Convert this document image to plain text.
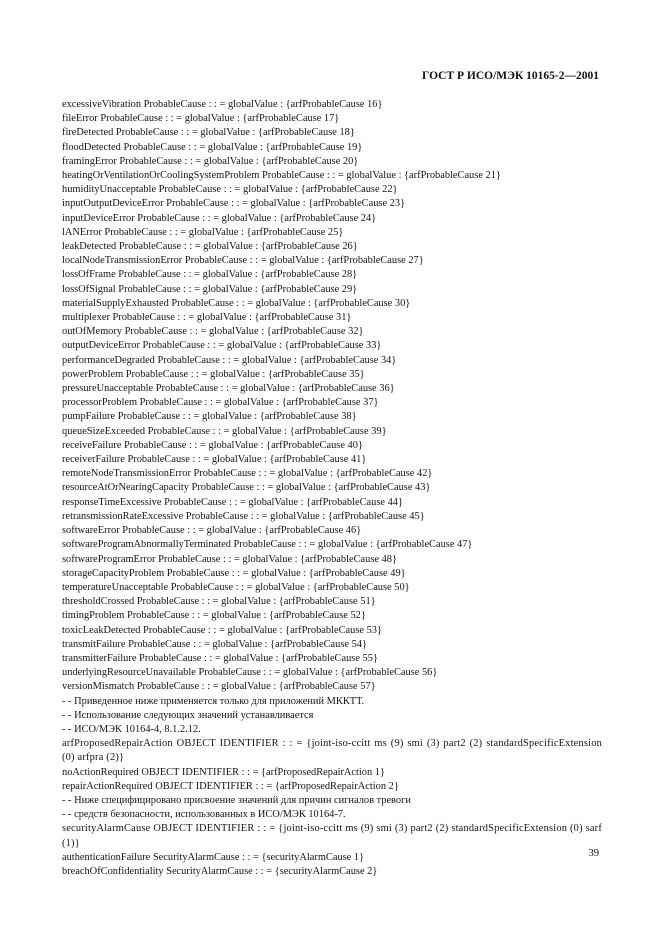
ГОСТ Р ИСО/МЭК 10165-2—2001
excessiveVibration ProbableCause : : = globalValue : {arfProbableCause 16}
fileError ProbableCause : : = globalValue : {arfProbableCause 17}
fireDetected ProbableCause : : = globalValue : {arfProbableCause 18}
floodDetected ProbableCause : : = globalValue : {arfProbableCause 19}
framingError ProbableCause : : = globalValue : {arfProbableCause 20}
heatingOrVentilationOrCoolingSystemProblem ProbableCause : : = globalValue : {arfProbableCause 21}
humidityUnacceptable ProbableCause : : = globalValue : {arfProbableCause 22}
inputOutputDeviceError ProbableCause : : = globalValue : {arfProbableCause 23}
inputDeviceError ProbableCause : : = globalValue : {arfProbableCause 24}
lANError ProbableCause : : = globalValue : {arfProbableCause 25}
leakDetected ProbableCause : : = globalValue : {arfProbableCause 26}
localNodeTransmissionError ProbableCause : : = globalValue : {arfProbableCause 27}
lossOfFrame ProbableCause : : = globalValue : {arfProbableCause 28}
lossOfSignal ProbableCause : : = globalValue : {arfProbableCause 29}
materialSupplyExhausted ProbableCause : : = globalValue : {arfProbableCause 30}
multiplexer ProbableCause : : = globalValue : {arfProbableCause 31}
outOfMemory ProbableCause : : = globalValue : {arfProbableCause 32}
outputDeviceError ProbableCause : : = globalValue : {arfProbableCause 33}
performanceDegraded ProbableCause : : = globalValue : {arfProbableCause 34}
powerProblem ProbableCause : : = globalValue : {arfProbableCause 35}
pressureUnacceptable ProbableCause : : = globalValue : {arfProbableCause 36}
processorProblem ProbableCause : : = globalValue : {arfProbableCause 37}
pumpFailure ProbableCause : : = globalValue : {arfProbableCause 38}
queueSizeExceeded ProbableCause : : = globalValue : {arfProbableCause 39}
receiveFailure ProbableCause : : = globalValue : {arfProbableCause 40}
receiverFailure ProbableCause : : = globalValue : {arfProbableCause 41}
remoteNodeTransmissionError ProbableCause : : = globalValue : {arfProbableCause 42}
resourceAtOrNearingCapacity ProbableCause : : = globalValue : {arfProbableCause 43}
responseTimeExcessive ProbableCause : : = globalValue : {arfProbableCause 44}
retransmissionRateExcessive ProbableCause : : = globalValue : {arfProbableCause 45}
softwareError ProbableCause : : = globalValue : {arfProbableCause 46}
softwareProgramAbnormallyTerminated ProbableCause : : = globalValue : {arfProbableCause 47}
softwareProgramError ProbableCause : : = globalValue : {arfProbableCause 48}
storageCapacityProblem ProbableCause : : = globalValue : {arfProbableCause 49}
temperatureUnacceptable ProbableCause : : = globalValue : {arfProbableCause 50}
thresholdCrossed ProbableCause : : = globalValue : {arfProbableCause 51}
timingProblem ProbableCause : : = globalValue : {arfProbableCause 52}
toxicLeakDetected ProbableCause : : = globalValue : {arfProbableCause 53}
transmitFailure ProbableCause : : = globalValue : {arfProbableCause 54}
transmitterFailure ProbableCause : : = globalValue : {arfProbableCause 55}
underlyingResourceUnavailable ProbableCause : : = globalValue : {arfProbableCause 56}
versionMismatch ProbableCause : : = globalValue : {arfProbableCause 57}
- - Приведенное ниже применяется только для приложений МККТТ.
- - Использование следующих значений устанавливается
- - ИСО/МЭК 10164-4, 8.1.2.12.
arfProposedRepairAction OBJECT IDENTIFIER : : = {joint-iso-ccitt ms (9) smi (3) part2 (2) standardSpecificExtension (0) arfpra (2)}
noActionRequired OBJECT IDENTIFIER : : = {arfProposedRepairAction 1}
repairActionRequired OBJECT IDENTIFIER : : = {arfProposedRepairAction 2}
- - Ниже специфицировано присвоение значений для причин сигналов тревоги
- - средств безопасности, использованных в ИСО/МЭК 10164-7.
securityAlarmCause OBJECT IDENTIFIER : : = {joint-iso-ccitt ms (9) smi (3) part2 (2) standardSpecificExtension (0) sarf (1)}
authenticationFailure SecurityAlarmCause : : = {securityAlarmCause 1}
breachOfConfidentiality SecurityAlarmCause : : = {securityAlarmCause 2}
39
